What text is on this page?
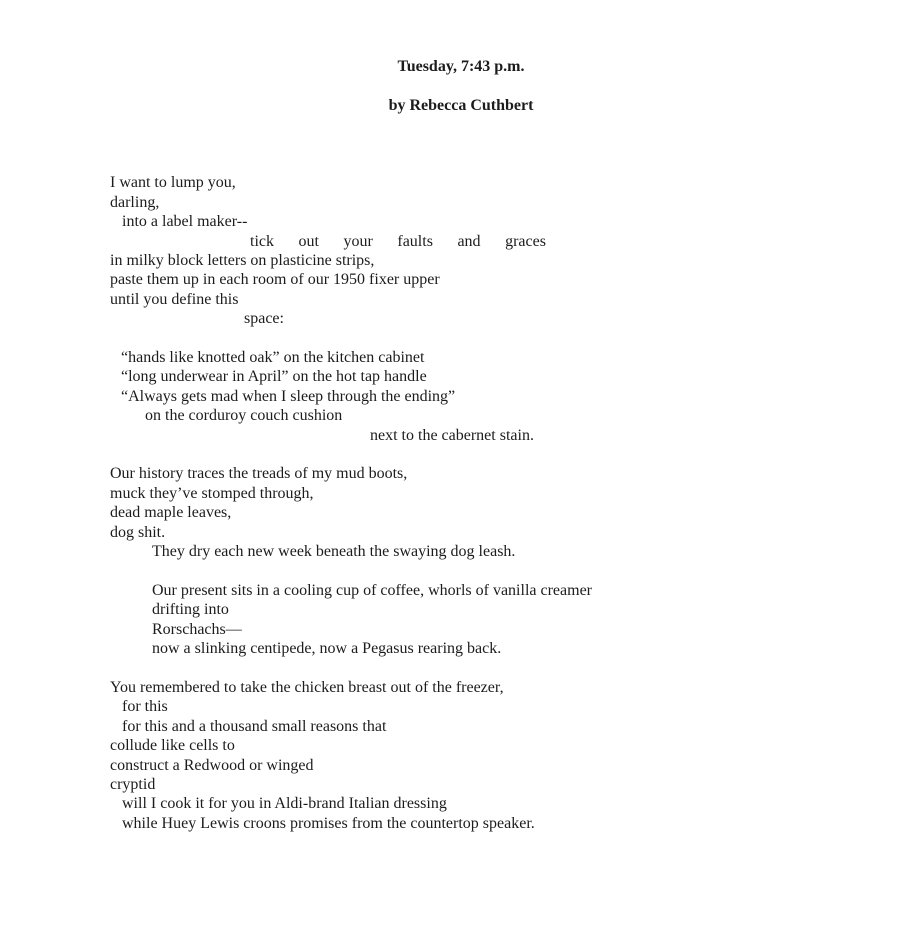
Tuesday, 7:43 p.m.
by Rebecca Cuthbert
I want to lump you,
darling,
into a label maker--
tick out your faults and graces
in milky block letters on plasticine strips,
paste them up in each room of our 1950 fixer upper
until you define this
space:
“hands like knotted oak” on the kitchen cabinet
“long underwear in April” on the hot tap handle
“Always gets mad when I sleep through the ending”
on the corduroy couch cushion
next to the cabernet stain.
Our history traces the treads of my mud boots,
muck they’ve stomped through,
dead maple leaves,
dog shit.
They dry each new week beneath the swaying dog leash.
Our present sits in a cooling cup of coffee, whorls of vanilla creamer
drifting into
Rorschachs—
now a slinking centipede, now a Pegasus rearing back.
You remembered to take the chicken breast out of the freezer,
for this
for this and a thousand small reasons that
collude like cells to
construct a Redwood or winged
cryptid
will I cook it for you in Aldi-brand Italian dressing
while Huey Lewis croons promises from the countertop speaker.
